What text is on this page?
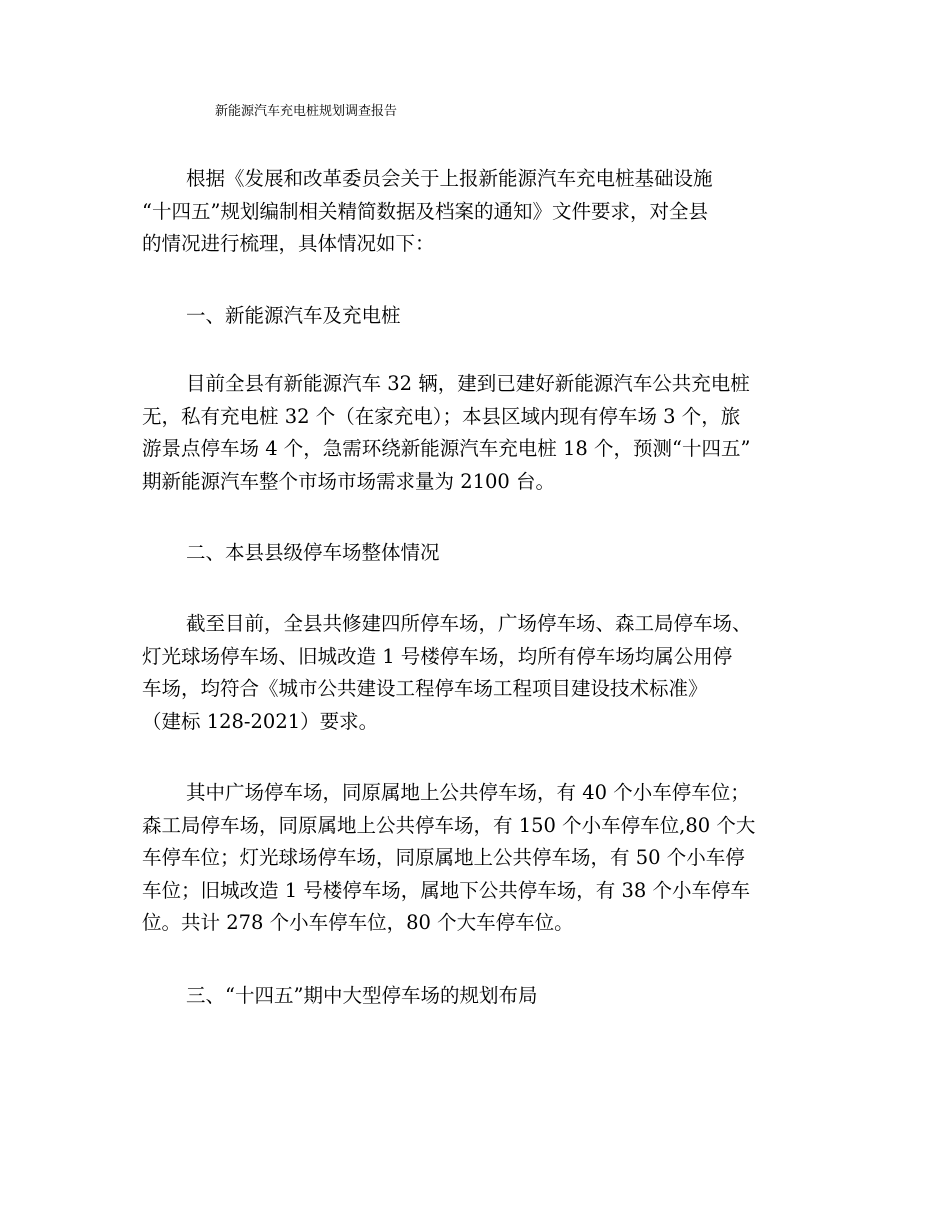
新能源汽车充电桩规划调查报告
根据《发展和改革委员会关于上报新能源汽车充电桩基础设施
“十四五”规划编制相关精简数据及档案的通知》文件要求，对全县
的情况进行梳理，具体情况如下：
一、新能源汽车及充电桩
目前全县有新能源汽车 32 辆，建到已建好新能源汽车公共充电桩
无，私有充电桩 32 个（在家充电）；本县区域内现有停车场 3 个，旅
游景点停车场 4 个，急需环绕新能源汽车充电桩 18 个，预测“十四五”
期新能源汽车整个市场市场需求量为 2100 台。
二、本县县级停车场整体情况
截至目前，全县共修建四所停车场，广场停车场、森工局停车场、
灯光球场停车场、旧城改造 1 号楼停车场，均所有停车场均属公用停
车场，均符合《城市公共建设工程停车场工程项目建设技术标准》
（建标 128-2021）要求。
其中广场停车场，同原属地上公共停车场，有 40 个小车停车位；
森工局停车场，同原属地上公共停车场，有 150 个小车停车位,80 个大
车停车位；灯光球场停车场，同原属地上公共停车场，有 50 个小车停
车位；旧城改造 1 号楼停车场，属地下公共停车场，有 38 个小车停车
位。共计 278 个小车停车位，80 个大车停车位。
三、“十四五”期中大型停车场的规划布局
